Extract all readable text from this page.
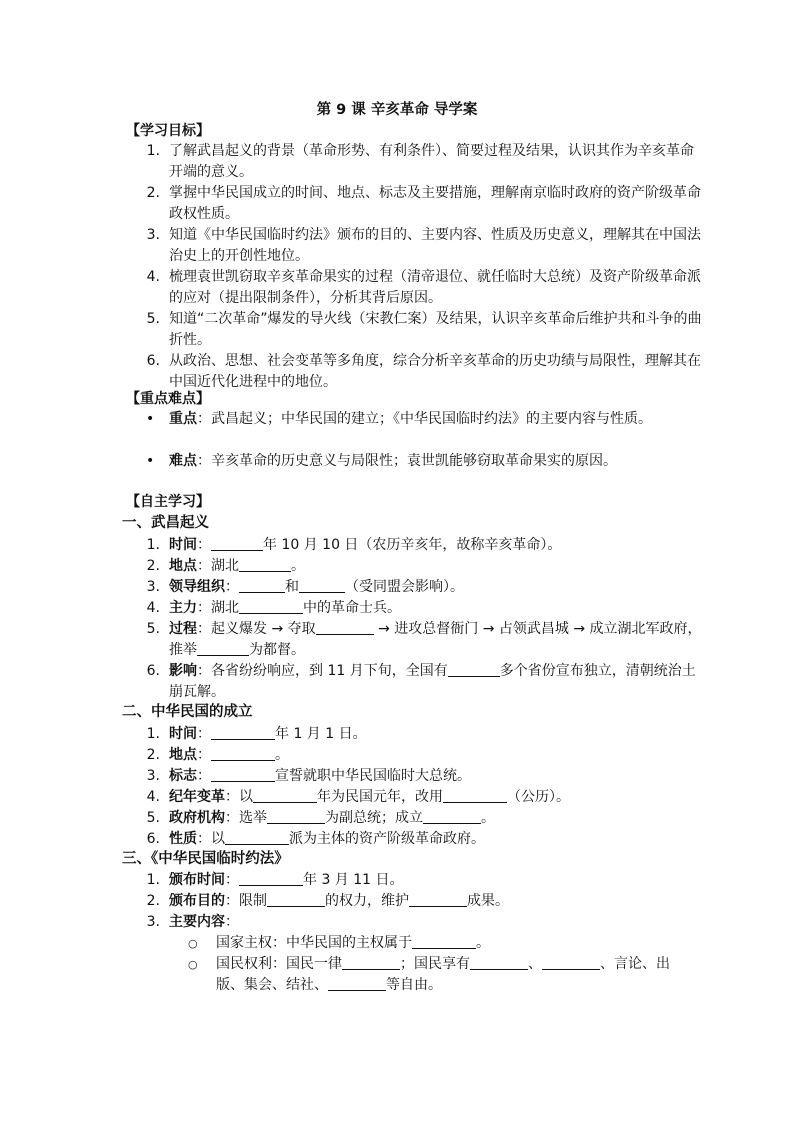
第 9 课 辛亥革命 导学案
【学习目标】
1. 了解武昌起义的背景（革命形势、有利条件）、简要过程及结果，认识其作为辛亥革命开端的意义。
2. 掌握中华民国成立的时间、地点、标志及主要措施，理解南京临时政府的资产阶级革命政权性质。
3. 知道《中华民国临时约法》颁布的目的、主要内容、性质及历史意义，理解其在中国法治史上的开创性地位。
4. 梳理袁世凯窃取辛亥革命果实的过程（清帝退位、就任临时大总统）及资产阶级革命派的应对（提出限制条件），分析其背后原因。
5. 知道“二次革命”爆发的导火线（宋教仁案）及结果，认识辛亥革命后维护共和斗争的曲折性。
6. 从政治、思想、社会变革等多角度，综合分析辛亥革命的历史功绩与局限性，理解其在中国近代化进程中的地位。
【重点难点】
• 重点：武昌起义；中华民国的建立；《中华民国临时约法》的主要内容与性质。
• 难点：辛亥革命的历史意义与局限性；袁世凯能够窃取革命果实的原因。
【自主学习】
一、武昌起义
1. 时间：	年 10 月 10 日（农历辛亥年，故称辛亥革命）。
2. 地点：湖北	。
3. 领导组织：	和	（受同盟会影响）。
4. 主力：湖北	中的革命士兵。
5. 过程：起义爆发 → 夺取	→ 进攻总督衙门 → 占领武昌城 → 成立湖北军政府，推举	为都督。
6. 影响：各省纷纷响应，到 11 月下旬，全国有	多个省份宣布独立，清朝统治土崩瓦解。
二、中华民国的成立
1. 时间：	年 1 月 1 日。
2. 地点：	。
3. 标志：	宣誓就职中华民国临时大总统。
4. 纪年变革：以	年为民国元年，改用	（公历）。
5. 政府机构：选举	为副总统；成立	。
6. 性质：以	派为主体的资产阶级革命政府。
三、《中华民国临时约法》
1. 颁布时间：	年 3 月 11 日。
2. 颁布目的：限制	的权力，维护	成果。
3. 主要内容：
○ 国家主权：中华民国的主权属于	。
○ 国民权利：国民一律	；国民享有	、	、言论、出版、集会、结社、	等自由。
